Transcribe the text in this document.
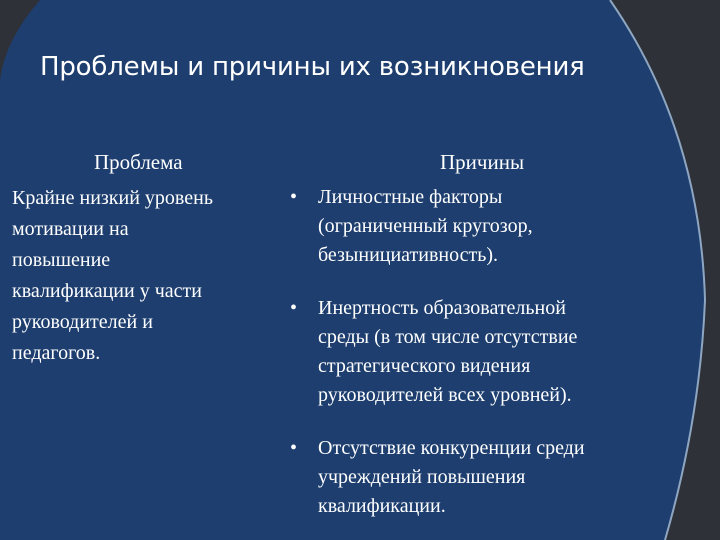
Проблемы и причины их возникновения
Проблема	Причины
Крайне низкий уровень
мотивации на
повышение
квалификации у части
руководителей и
педагогов.
• Личностные факторы
(ограниченный кругозор,
безынициативность).
• Инертность образовательной
среды (в том числе отсутствие
стратегического видения
руководителей всех уровней).
• Отсутствие конкуренции среди
учреждений повышения
квалификации.
